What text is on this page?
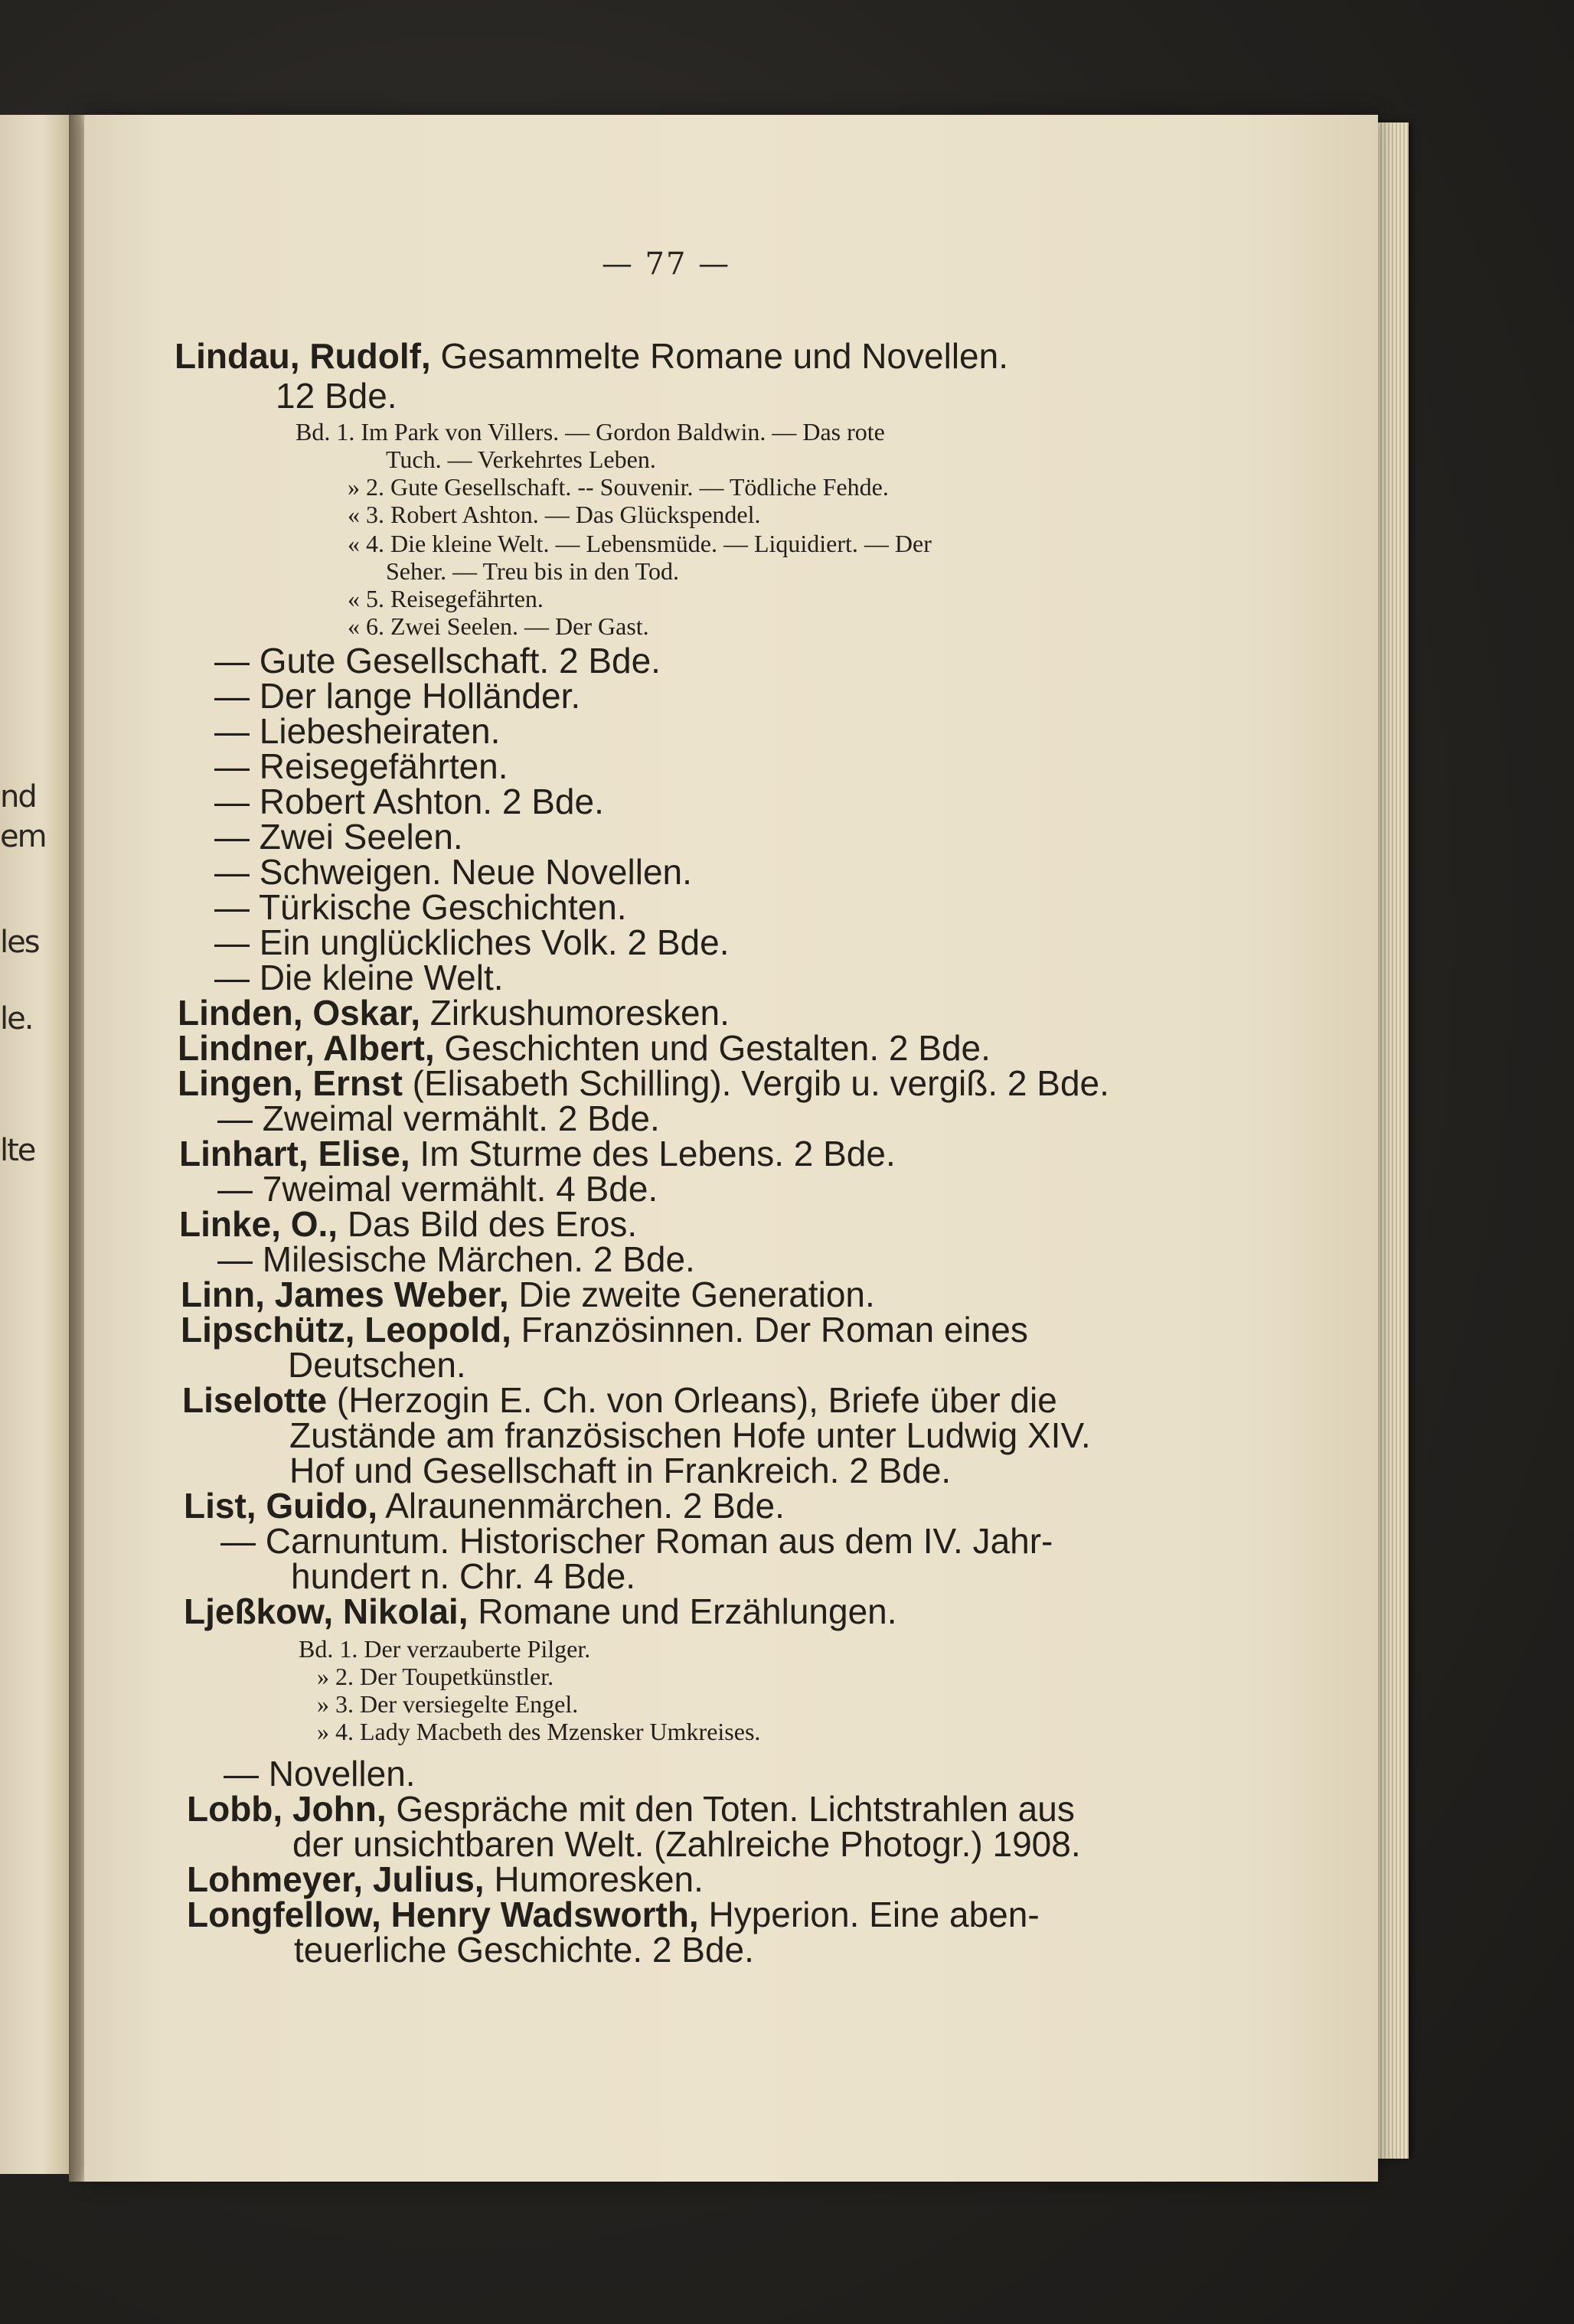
nd
em
les
le.
lte
— 77 —
Lindau, Rudolf, Gesammelte Romane und Novellen.
12 Bde.
Bd. 1. Im Park von Villers. — Gordon Baldwin. — Das rote
Tuch. — Verkehrtes Leben.
» 2. Gute Gesellschaft. -- Souvenir. — Tödliche Fehde.
« 3. Robert Ashton. — Das Glückspendel.
« 4. Die kleine Welt. — Lebensmüde. — Liquidiert. — Der
Seher. — Treu bis in den Tod.
« 5. Reisegefährten.
« 6. Zwei Seelen. — Der Gast.
— Gute Gesellschaft. 2 Bde.
— Der lange Holländer.
— Liebesheiraten.
— Reisegefährten.
— Robert Ashton. 2 Bde.
— Zwei Seelen.
— Schweigen. Neue Novellen.
— Türkische Geschichten.
— Ein unglückliches Volk. 2 Bde.
— Die kleine Welt.
Linden, Oskar, Zirkushumoresken.
Lindner, Albert, Geschichten und Gestalten. 2 Bde.
Lingen, Ernst (Elisabeth Schilling). Vergib u. vergiß. 2 Bde.
— Zweimal vermählt. 2 Bde.
Linhart, Elise, Im Sturme des Lebens. 2 Bde.
— 7weimal vermählt. 4 Bde.
Linke, O., Das Bild des Eros.
— Milesische Märchen. 2 Bde.
Linn, James Weber, Die zweite Generation.
Lipschütz, Leopold, Französinnen. Der Roman eines
Deutschen.
Liselotte (Herzogin E. Ch. von Orleans), Briefe über die
Zustände am französischen Hofe unter Ludwig XIV.
Hof und Gesellschaft in Frankreich. 2 Bde.
List, Guido, Alraunenmärchen. 2 Bde.
— Carnuntum. Historischer Roman aus dem IV. Jahr-
hundert n. Chr. 4 Bde.
Ljeßkow, Nikolai, Romane und Erzählungen.
Bd. 1. Der verzauberte Pilger.
» 2. Der Toupetkünstler.
» 3. Der versiegelte Engel.
» 4. Lady Macbeth des Mzensker Umkreises.
— Novellen.
Lobb, John, Gespräche mit den Toten. Lichtstrahlen aus
der unsichtbaren Welt. (Zahlreiche Photogr.) 1908.
Lohmeyer, Julius, Humoresken.
Longfellow, Henry Wadsworth, Hyperion. Eine aben-
teuerliche Geschichte. 2 Bde.
